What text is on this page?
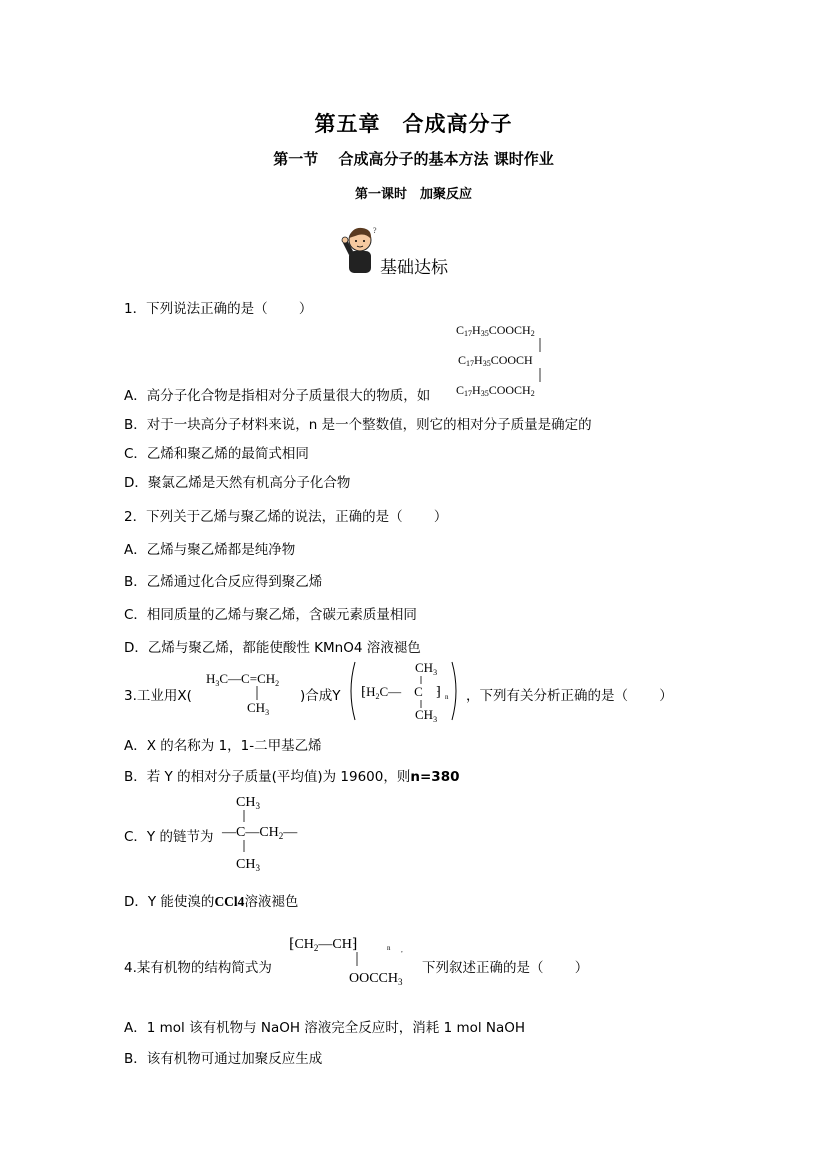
第五章　合成高分子
第一节　 合成高分子的基本方法 课时作业
第一课时　加聚反应
?
基础达标
1．下列说法正确的是（　　 ）
$C_{17}H_{35}COOCH_2$
$C_{17}H_{35}COOCH$
$C_{17}H_{35}COOCH_2$
A．高分子化合物是指相对分子质量很大的物质，如
B．对于一块高分子材料来说，n 是一个整数值，则它的相对分子质量是确定的
C．乙烯和聚乙烯的最简式相同
D．聚氯乙烯是天然有机高分子化合物
2．下列关于乙烯与聚乙烯的说法，正确的是（　　 ）
A．乙烯与聚乙烯都是纯净物
B．乙烯通过化合反应得到聚乙烯
C．相同质量的乙烯与聚乙烯，含碳元素质量相同
D．乙烯与聚乙烯，都能使酸性 KMnO4 溶液褪色
3.工业用X(
$H_3C—C=CH_2$
$CH_3$
)合成Y
$CH_3$
$⁅H_2C—$　C　⁆ n
$CH_3$
，下列有关分析正确的是（　　 ）
A．X 的名称为 1，1-二甲基乙烯
B．若 Y 的相对分子质量(平均值)为 19600，则n=380
C．Y 的链节为
$CH_3$
$—C—CH_2—$
$CH_3$
D．Y 能使溴的CCl4溶液褪色
4.某有机物的结构简式为
$⁅CH_2—CH⁆$	n ,
$OOCCH_3$
下列叙述正确的是（　　 ）
A．1 mol 该有机物与 NaOH 溶液完全反应时，消耗 1 mol NaOH
B．该有机物可通过加聚反应生成
